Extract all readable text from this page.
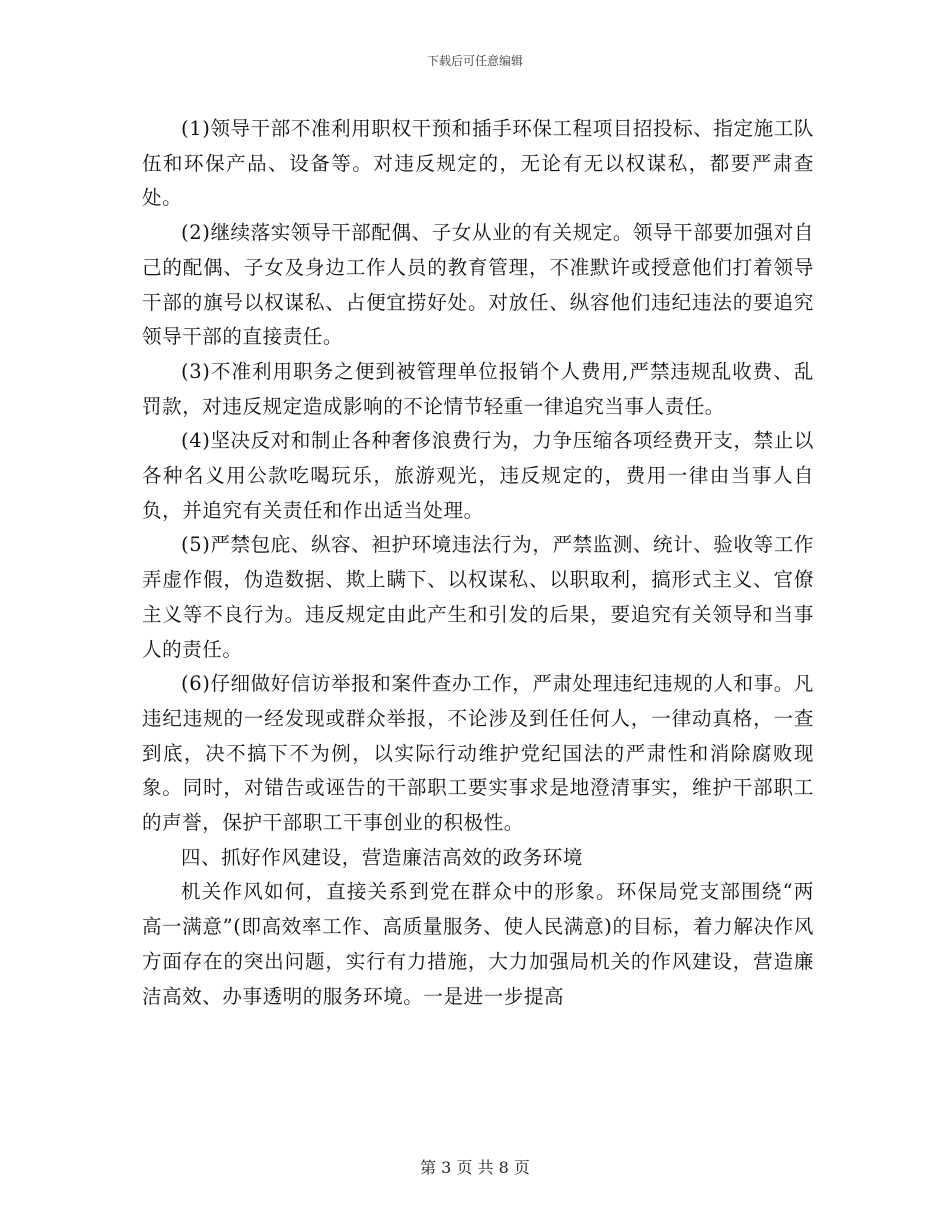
下载后可任意编辑

(1)领导干部不准利用职权干预和插手环保工程项目招投标、指定施工队伍和环保产品、设备等。对违反规定的，无论有无以权谋私，都要严肃查处。

(2)继续落实领导干部配偶、子女从业的有关规定。领导干部要加强对自己的配偶、子女及身边工作人员的教育管理，不准默许或授意他们打着领导干部的旗号以权谋私、占便宜捞好处。对放任、纵容他们违纪违法的要追究领导干部的直接责任。

(3)不准利用职务之便到被管理单位报销个人费用,严禁违规乱收费、乱罚款，对违反规定造成影响的不论情节轻重一律追究当事人责任。

(4)坚决反对和制止各种奢侈浪费行为，力争压缩各项经费开支，禁止以各种名义用公款吃喝玩乐，旅游观光，违反规定的，费用一律由当事人自负，并追究有关责任和作出适当处理。

(5)严禁包庇、纵容、袒护环境违法行为，严禁监测、统计、验收等工作弄虚作假，伪造数据、欺上瞒下、以权谋私、以职取利，搞形式主义、官僚主义等不良行为。违反规定由此产生和引发的后果，要追究有关领导和当事人的责任。

(6)仔细做好信访举报和案件查办工作，严肃处理违纪违规的人和事。凡违纪违规的一经发现或群众举报，不论涉及到任任何人，一律动真格，一查到底，决不搞下不为例，以实际行动维护党纪国法的严肃性和消除腐败现象。同时，对错告或诬告的干部职工要实事求是地澄清事实，维护干部职工的声誉，保护干部职工干事创业的积极性。

四、抓好作风建设，营造廉洁高效的政务环境

机关作风如何，直接关系到党在群众中的形象。环保局党支部围绕“两高一满意”(即高效率工作、高质量服务、使人民满意)的目标，着力解决作风方面存在的突出问题，实行有力措施，大力加强局机关的作风建设，营造廉洁高效、办事透明的服务环境。一是进一步提高

第 3 页 共 8 页
